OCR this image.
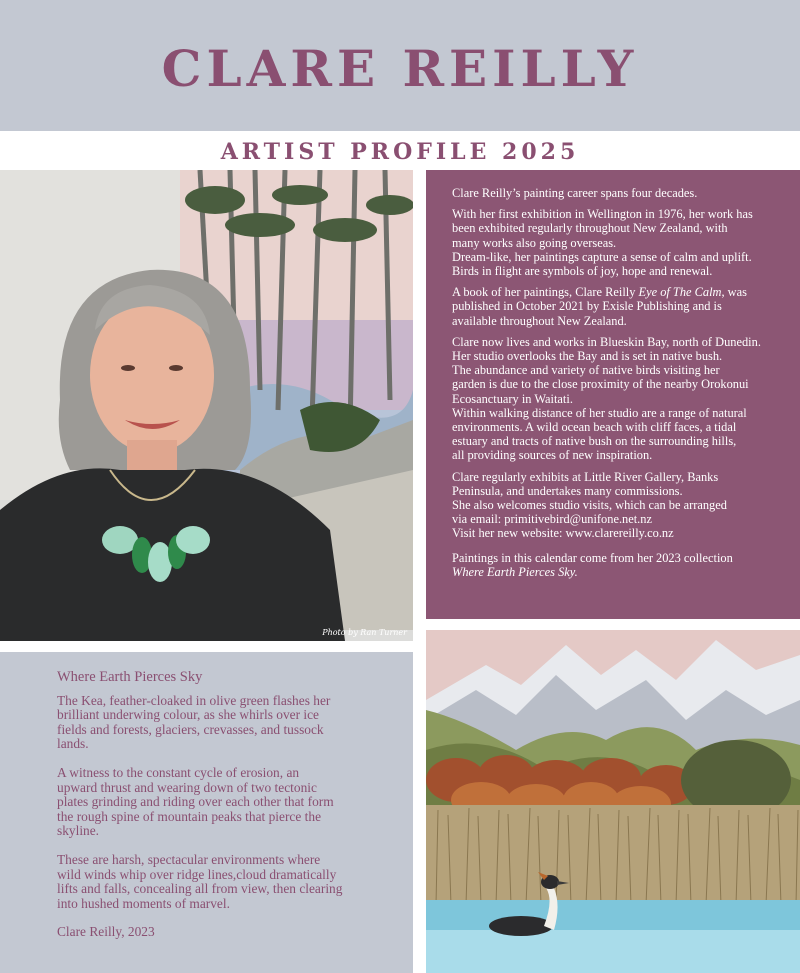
CLARE REILLY
ARTIST PROFILE 2025
Photo by Ran Turner

Clare Reilly’s painting career spans four decades.

With her first exhibition in Wellington in 1976, her work has
been exhibited regularly throughout New Zealand, with
many works also going overseas.
Dream-like, her paintings capture a sense of calm and uplift.
Birds in flight are symbols of joy, hope and renewal.

A book of her paintings, Clare Reilly Eye of The Calm, was
published in October 2021 by Exisle Publishing and is
available throughout New Zealand.

Clare now lives and works in Blueskin Bay, north of Dunedin.
Her studio overlooks the Bay and is set in native bush.
The abundance and variety of native birds visiting her
garden is due to the close proximity of the nearby Orokonui
Ecosanctuary in Waitati.
Within walking distance of her studio are a range of natural
environments. A wild ocean beach with cliff faces, a tidal
estuary and tracts of native bush on the surrounding hills,
all providing sources of new inspiration.

Clare regularly exhibits at Little River Gallery, Banks
Peninsula, and undertakes many commissions.
She also welcomes studio visits, which can be arranged
via email: primitivebird@unifone.net.nz
Visit her new website: www.clarereilly.co.nz

Paintings in this calendar come from her 2023 collection
Where Earth Pierces Sky.

Where Earth Pierces Sky

The Kea, feather-cloaked in olive green flashes her
brilliant underwing colour, as she whirls over ice
fields and forests, glaciers, crevasses, and tussock
lands.

A witness to the constant cycle of erosion, an
upward thrust and wearing down of two tectonic
plates grinding and riding over each other that form
the rough spine of mountain peaks that pierce the
skyline.

These are harsh, spectacular environments where
wild winds whip over ridge lines,cloud dramatically
lifts and falls, concealing all from view, then clearing
into hushed moments of marvel.

Clare Reilly, 2023
